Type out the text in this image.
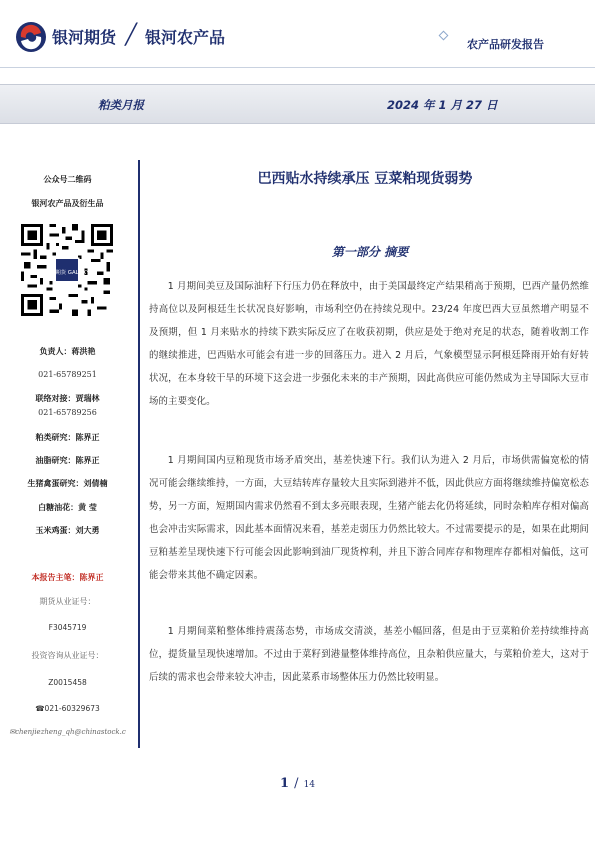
银河期货 ╱ 银河农产品	农产品研发报告
粕类月报	2024 年 1 月 27 日
公众号二维码
银河农产品及衍生品
银河期货 GALAXY
负责人：蒋洪艳
021-65789251
联络对接：贾瑞林
021-65789256
粕类研究：陈界正
油脂研究：陈界正
生猪禽蛋研究：刘倩楠
白糖油花：黄 莹
玉米鸡蛋：刘大勇
本报告主笔：陈界正
期货从业证号：
F3045719
投资咨询从业证号：
Z0015458
☎021-60329673
✉chenjiezheng_qh@chinastock.c
巴西贴水持续承压 豆菜粕现货弱势
第一部分 摘要

1 月期间美豆及国际油籽下行压力仍在释放中，由于美国最终定产结果稍高于预期，巴西产量仍然维持高位以及阿根廷生长状况良好影响，市场利空仍在持续兑现中。23/24 年度巴西大豆虽然增产明显不及预期，但 1 月来贴水的持续下跌实际反应了在收获初期，供应是处于绝对充足的状态，随着收割工作的继续推进，巴西贴水可能会有进一步的回落压力。进入 2 月后，气象模型显示阿根廷降雨开始有好转状况，在本身较干旱的环境下这会进一步强化未来的丰产预期，因此高供应可能仍然成为主导国际大豆市场的主要变化。

1 月期间国内豆粕现货市场矛盾突出，基差快速下行。我们认为进入 2 月后，市场供需偏宽松的情况可能会继续维持，一方面，大豆结转库存量较大且实际到港并不低，因此供应方面将继续维持偏宽松态势，另一方面，短期国内需求仍然看不到太多亮眼表现，生猪产能去化仍将延续，同时杂粕库存相对偏高也会冲击实际需求，因此基本面情况来看，基差走弱压力仍然比较大。不过需要提示的是，如果在此期间豆粕基差呈现快速下行可能会因此影响到油厂现货榨利，并且下游合同库存和物理库存都相对偏低，这可能会带来其他不确定因素。

1 月期间菜粕整体维持震荡态势，市场成交清淡，基差小幅回落，但是由于豆菜粕价差持续维持高位，提货量呈现快速增加。不过由于菜籽到港量整体维持高位，且杂粕供应量大，与菜粕价差大，这对于后续的需求也会带来较大冲击，因此菜系市场整体压力仍然比较明显。

1 / 14
